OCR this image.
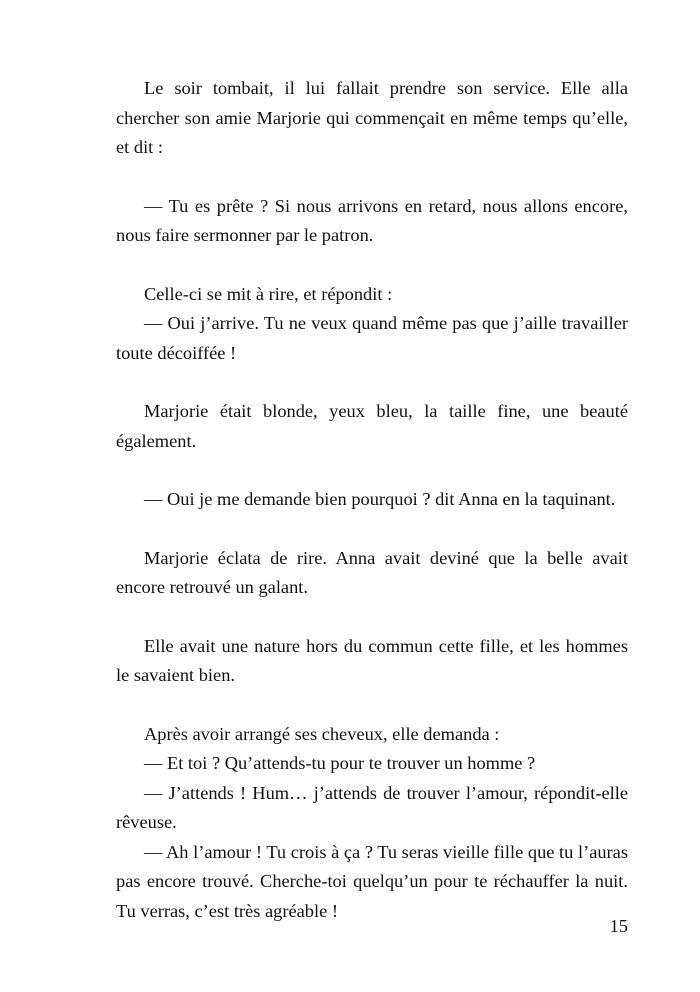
Le soir tombait, il lui fallait prendre son service. Elle alla chercher son amie Marjorie qui commençait en même temps qu’elle, et dit :

— Tu es prête ? Si nous arrivons en retard, nous allons encore, nous faire sermonner par le patron.

Celle-ci se mit à rire, et répondit :

— Oui j’arrive. Tu ne veux quand même pas que j’aille travailler toute décoiffée !

Marjorie était blonde, yeux bleu, la taille fine, une beauté également.

— Oui je me demande bien pourquoi ? dit Anna en la taquinant.

Marjorie éclata de rire. Anna avait deviné que la belle avait encore retrouvé un galant.

Elle avait une nature hors du commun cette fille, et les hommes le savaient bien.

Après avoir arrangé ses cheveux, elle demanda :

— Et toi ? Qu’attends-tu pour te trouver un homme ?

— J’attends ! Hum… j’attends de trouver l’amour, répondit-elle rêveuse.

— Ah l’amour ! Tu crois à ça ? Tu seras vieille fille que tu l’auras pas encore trouvé. Cherche-toi quelqu’un pour te réchauffer la nuit. Tu verras, c’est très agréable !

15
